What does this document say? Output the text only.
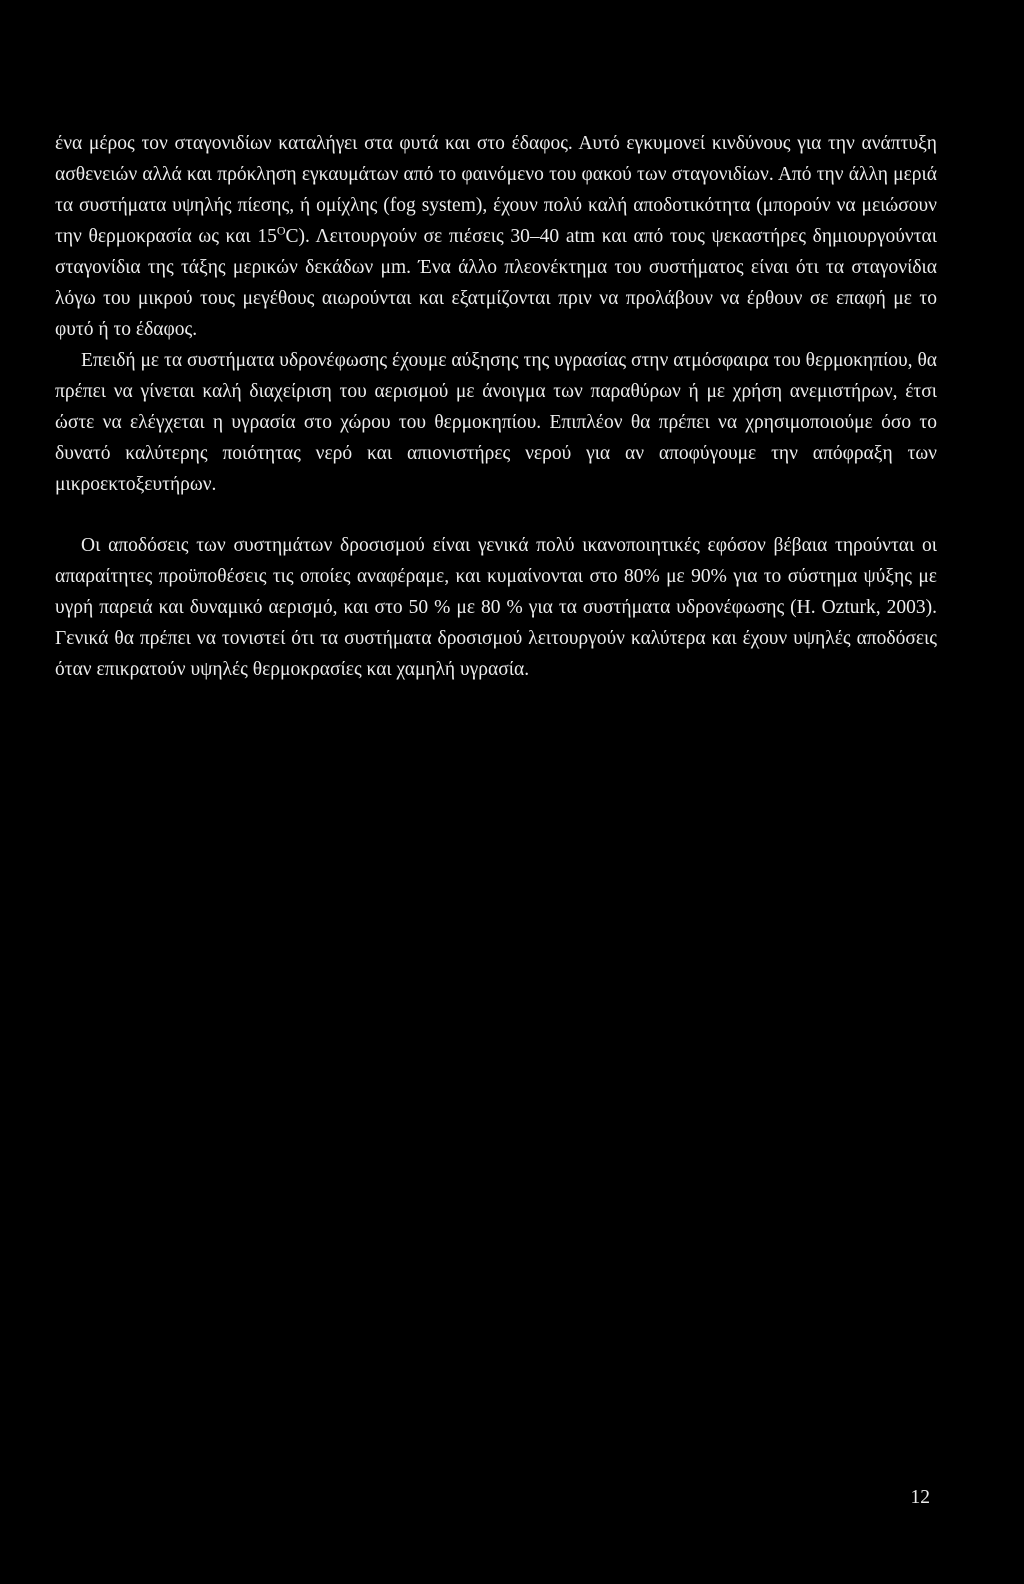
ένα μέρος τον σταγονιδίων καταλήγει στα φυτά και στο έδαφος. Αυτό εγκυμονεί κινδύνους για την ανάπτυξη ασθενειών αλλά και πρόκληση εγκαυμάτων από το φαινόμενο του φακού των σταγονιδίων. Από την άλλη μεριά τα συστήματα υψηλής πίεσης, ή ομίχλης (fog system), έχουν πολύ καλή αποδοτικότητα (μπορούν να μειώσουν την θερμοκρασία ως και $15^OC$). Λειτουργούν σε πιέσεις 30–40 atm και από τους ψεκαστήρες δημιουργούνται σταγονίδια της τάξης μερικών δεκάδων μm. Ένα άλλο πλεονέκτημα του συστήματος είναι ότι τα σταγονίδια λόγω του μικρού τους μεγέθους αιωρούνται και εξατμίζονται πριν να προλάβουν να έρθουν σε επαφή με το φυτό ή το έδαφος.

Επειδή με τα συστήματα υδρονέφωσης έχουμε αύξησης της υγρασίας στην ατμόσφαιρα του θερμοκηπίου, θα πρέπει να γίνεται καλή διαχείριση του αερισμού με άνοιγμα των παραθύρων ή με χρήση ανεμιστήρων, έτσι ώστε να ελέγχεται η υγρασία στο χώρου του θερμοκηπίου. Επιπλέον θα πρέπει να χρησιμοποιούμε όσο το δυνατό καλύτερης ποιότητας νερό και απιονιστήρες νερού για αν αποφύγουμε την απόφραξη των μικροεκτοξευτήρων.

Οι αποδόσεις των συστημάτων δροσισμού είναι γενικά πολύ ικανοποιητικές εφόσον βέβαια τηρούνται οι απαραίτητες προϋποθέσεις τις οποίες αναφέραμε, και κυμαίνονται στο 80% με 90% για το σύστημα ψύξης με υγρή παρειά και δυναμικό αερισμό, και στο 50 % με 80 % για τα συστήματα υδρονέφωσης (H. Ozturk, 2003). Γενικά θα πρέπει να τονιστεί ότι τα συστήματα δροσισμού λειτουργούν καλύτερα και έχουν υψηλές αποδόσεις όταν επικρατούν υψηλές θερμοκρασίες και χαμηλή υγρασία.

12
